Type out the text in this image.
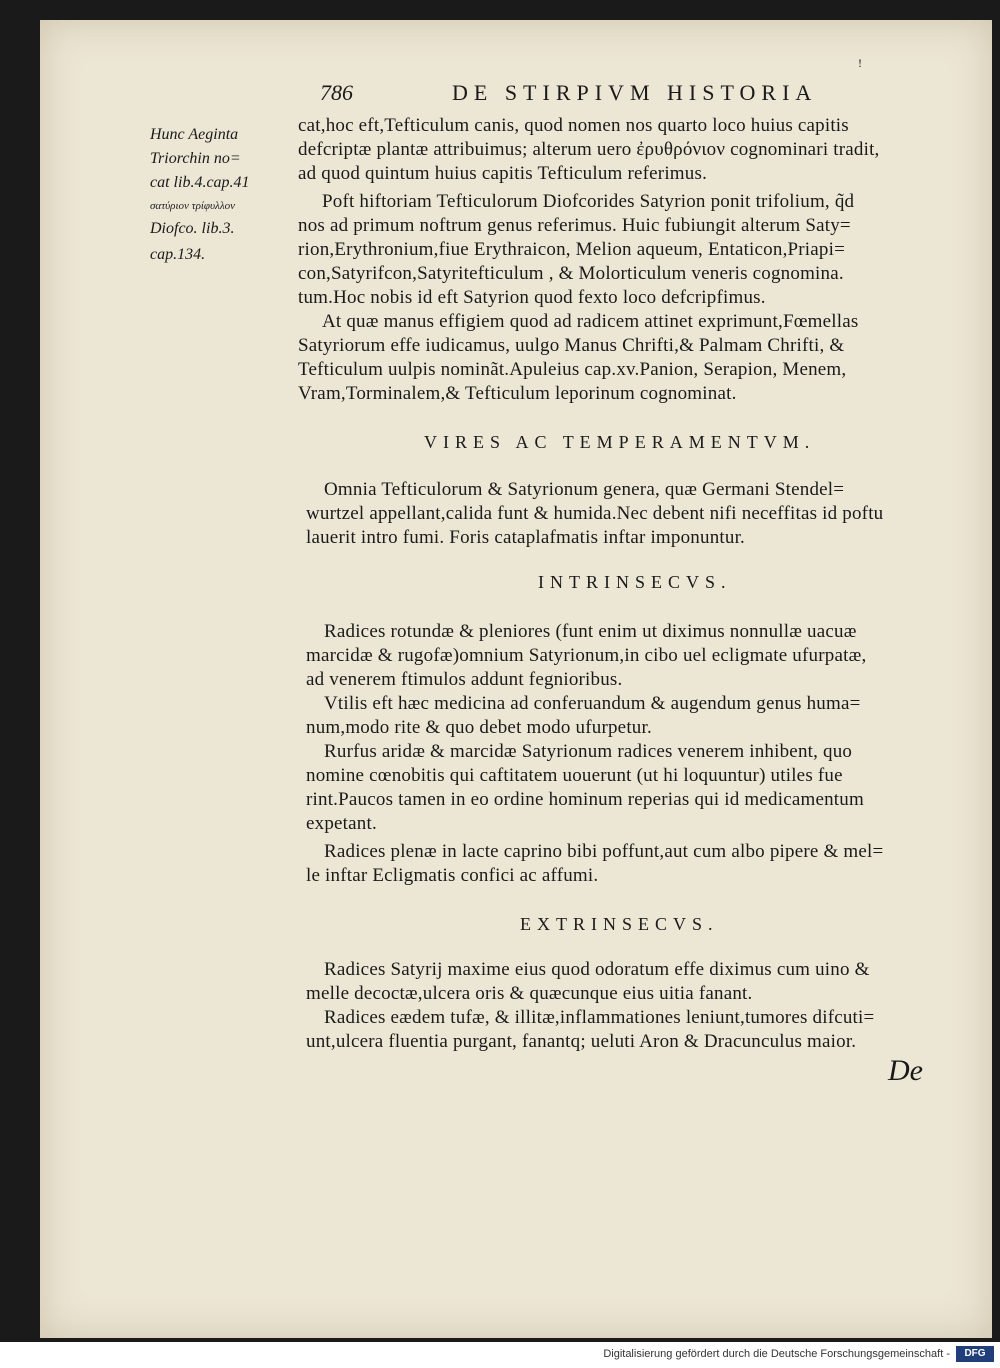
786	DE STIRPIVM HISTORIA
!
Hunc Aeginta
Triorchin no=
cat lib.4.cap.41
σατύριον τρίφυλλον
Diofco. lib.3.
cap.134.
cat,hoc eft,Tefticulum canis, quod nomen nos quarto loco huius capitis
defcriptæ plantæ attribuimus; alterum uero ἐρυθρόνιον cognominari tradit,
ad quod quintum huius capitis Tefticulum referimus.
Poft hiftoriam Tefticulorum Diofcorides Satyrion ponit trifolium, q̃d
nos ad primum noftrum genus referimus. Huic fubiungit alterum Saty=
rion,Erythronium,fiue Erythraicon, Melion aqueum, Entaticon,Priapi=
con,Satyrifcon,Satyritefticulum , & Molorticulum veneris cognomina.
tum.Hoc nobis id eft Satyrion quod fexto loco defcripfimus.
At quæ manus effigiem quod ad radicem attinet exprimunt,Fœmellas
Satyriorum effe iudicamus, uulgo Manus Chrifti,& Palmam Chrifti, &
Tefticulum uulpis nominãt.Apuleius cap.xv.Panion, Serapion, Menem,
Vram,Torminalem,& Tefticulum leporinum cognominat.
VIRES AC TEMPERAMENTVM.
Omnia Tefticulorum & Satyrionum genera, quæ Germani Stendel=
wurtzel appellant,calida funt & humida.Nec debent nifi neceffitas id poftu
lauerit intro fumi. Foris cataplafmatis inftar imponuntur.
INTRINSECVS.
Radices rotundæ & pleniores (funt enim ut diximus nonnullæ uacuæ
marcidæ & rugofæ)omnium Satyrionum,in cibo uel ecligmate ufurpatæ,
ad venerem ftimulos addunt fegnioribus.
Vtilis eft hæc medicina ad conferuandum & augendum genus huma=
num,modo rite & quo debet modo ufurpetur.
Rurfus aridæ & marcidæ Satyrionum radices venerem inhibent, quo
nomine cœnobitis qui caftitatem uouerunt (ut hi loquuntur) utiles fue
rint.Paucos tamen in eo ordine hominum reperias qui id medicamentum
expetant.
Radices plenæ in lacte caprino bibi poffunt,aut cum albo pipere & mel=
le inftar Ecligmatis confici ac affumi.
EXTRINSECVS.
Radices Satyrij maxime eius quod odoratum effe diximus cum uino &
melle decoctæ,ulcera oris & quæcunque eius uitia fanant.
Radices eædem tufæ, & illitæ,inflammationes leniunt,tumores difcuti=
unt,ulcera fluentia purgant, fanantq; ueluti Aron & Dracunculus maior.
De
Digitalisierung gefördert durch die Deutsche Forschungsgemeinschaft -	DFG
